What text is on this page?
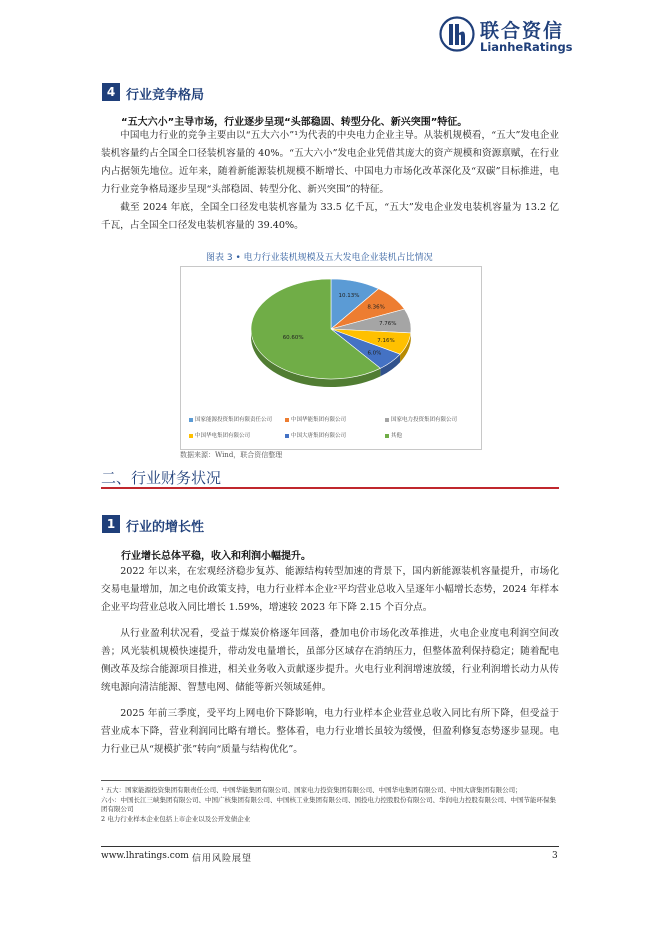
联合资信
LianheRatings
4 行业竞争格局
“五大六小”主导市场，行业逐步呈现“头部稳固、转型分化、新兴突围”特征。

中国电力行业的竞争主要由以“五大六小”¹为代表的中央电力企业主导。从装机规模看，“五大”发电企业装机容量约占全国全口径装机容量的 40%。“五大六小”发电企业凭借其庞大的资产规模和资源禀赋，在行业内占据领先地位。近年来，随着新能源装机规模不断增长、中国电力市场化改革深化及“双碳”目标推进，电力行业竞争格局逐步呈现“头部稳固、转型分化、新兴突围”的特征。

截至 2024 年底，全国全口径发电装机容量为 33.5 亿千瓦，“五大”发电企业发电装机容量为 13.2 亿千瓦，占全国全口径发电装机容量的 39.40%。

图表 3 • 电力行业装机规模及五大发电企业装机占比情况
10.13%
8.36%
7.76%
7.16%
6.0%
60.60%
国家能源投资集团有限责任公司	中国华能集团有限公司	国家电力投资集团有限公司
中国华电集团有限公司	中国大唐集团有限公司	其他
数据来源：Wind，联合资信整理
二、行业财务状况
1 行业的增长性
行业增长总体平稳，收入和利润小幅提升。

2022 年以来，在宏观经济稳步复苏、能源结构转型加速的背景下，国内新能源装机容量提升，市场化交易电量增加，加之电价政策支持，电力行业样本企业²平均营业总收入呈逐年小幅增长态势，2024 年样本企业平均营业总收入同比增长 1.59%，增速较 2023 年下降 2.15 个百分点。

从行业盈利状况看，受益于煤炭价格逐年回落，叠加电价市场化改革推进，火电企业度电利润空间改善；风光装机规模快速提升，带动发电量增长，虽部分区域存在消纳压力，但整体盈利保持稳定；随着配电侧改革及综合能源项目推进，相关业务收入贡献逐步提升。火电行业利润增速放缓，行业利润增长动力从传统电源向清洁能源、智慧电网、储能等新兴领域延伸。

2025 年前三季度，受平均上网电价下降影响，电力行业样本企业营业总收入同比有所下降，但受益于营业成本下降，营业利润同比略有增长。整体看，电力行业增长虽较为缓慢，但盈利修复态势逐步显现。电力行业已从“规模扩张”转向“质量与结构优化”。

¹ 五大：国家能源投资集团有限责任公司、中国华能集团有限公司、国家电力投资集团有限公司、中国华电集团有限公司、中国大唐集团有限公司；
六小：中国长江三峡集团有限公司、中国广核集团有限公司、中国核工业集团有限公司、国投电力控股股份有限公司、华润电力控股有限公司、中国节能环保集团有限公司
2 电力行业样本企业包括上市企业以及公开发债企业
www.lhratings.com 信用风险展望	3
